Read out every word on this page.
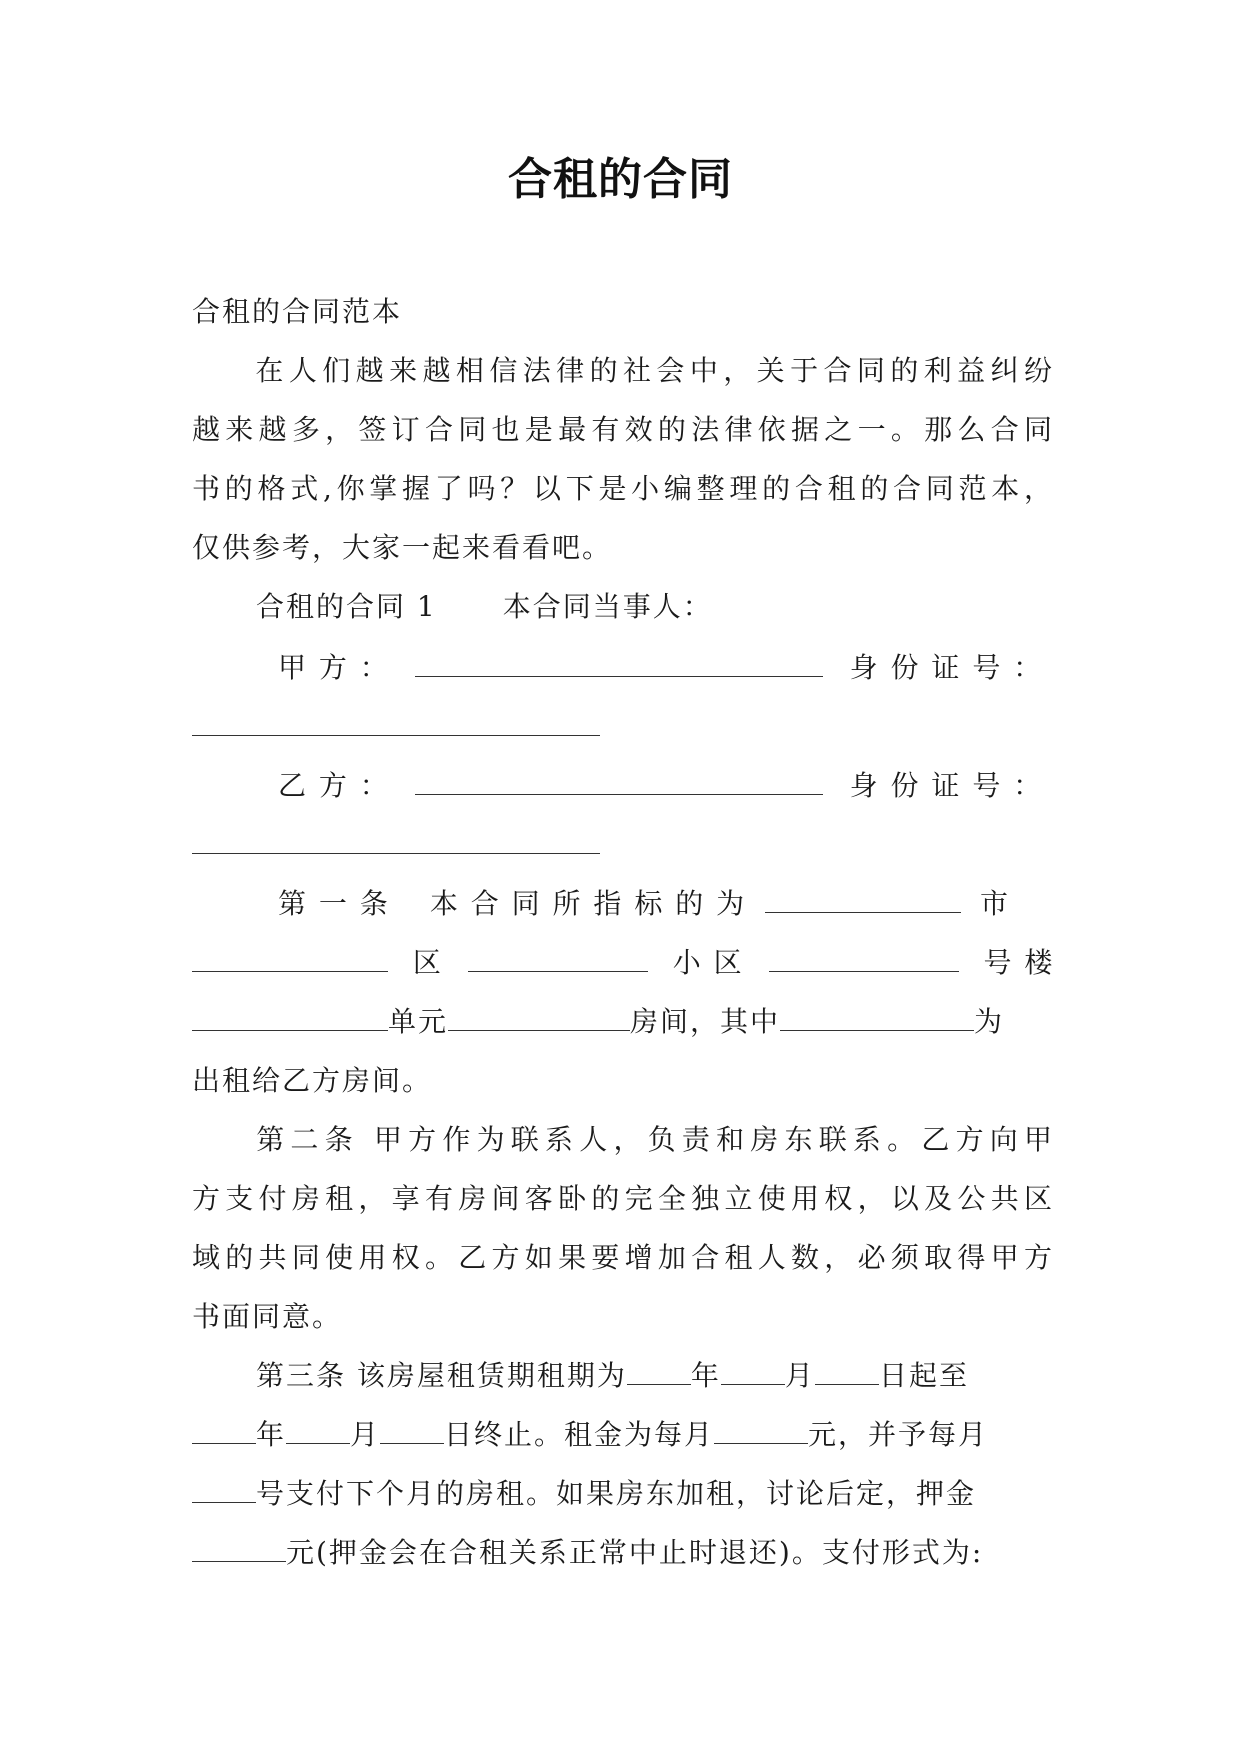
合租的合同
合租的合同范本
在人们越来越相信法律的社会中，关于合同的利益纠纷
越来越多，签订合同也是最有效的法律依据之一。那么合同
书的格式,你掌握了吗？以下是小编整理的合租的合同范本，
仅供参考，大家一起来看看吧。
合租的合同 1 本合同当事人：
甲 方 ：	身 份 证 号 ：
乙 方 ：	身 份 证 号 ：
第 一 条 本 合 同 所 指 标 的 为	市
区	小 区	号 楼
单元	房间，其中	为
出租给乙方房间。
第二条 甲方作为联系人，负责和房东联系。乙方向甲
方支付房租，享有房间客卧的完全独立使用权，以及公共区
域的共同使用权。乙方如果要增加合租人数，必须取得甲方
书面同意。
第三条 该房屋租赁期租期为 年 月 日起至
年 月 日终止。租金为每月	元，并予每月
号支付下个月的房租。如果房东加租，讨论后定，押金
元(押金会在合租关系正常中止时退还)。支付形式为:
